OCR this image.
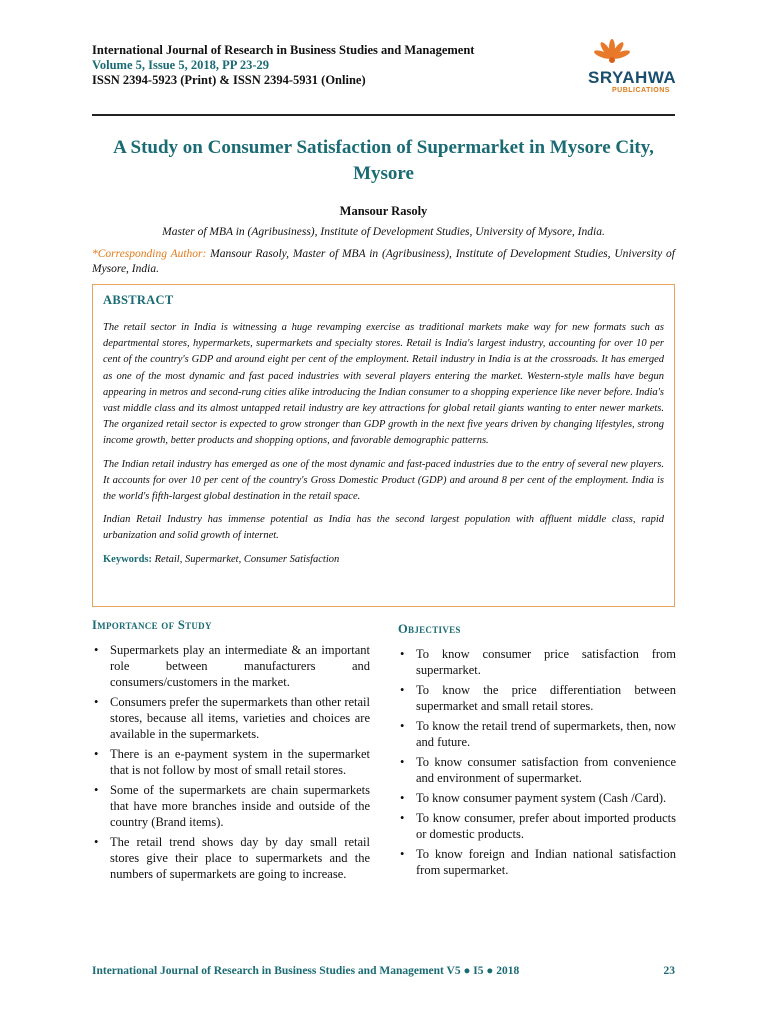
International Journal of Research in Business Studies and Management
Volume 5, Issue 5, 2018, PP 23-29
ISSN 2394-5923 (Print) & ISSN 2394-5931 (Online)	SRYAHWA
PUBLICATIONS
A Study on Consumer Satisfaction of Supermarket in Mysore City, Mysore
Mansour Rasoly
Master of MBA in (Agribusiness), Institute of Development Studies, University of Mysore, India.
*Corresponding Author: Mansour Rasoly, Master of MBA in (Agribusiness), Institute of Development Studies, University of Mysore, India.
ABSTRACT

The retail sector in India is witnessing a huge revamping exercise as traditional markets make way for new formats such as departmental stores, hypermarkets, supermarkets and specialty stores. Retail is India's largest industry, accounting for over 10 per cent of the country's GDP and around eight per cent of the employment. Retail industry in India is at the crossroads. It has emerged as one of the most dynamic and fast paced industries with several players entering the market. Western-style malls have begun appearing in metros and second-rung cities alike introducing the Indian consumer to a shopping experience like never before. India's vast middle class and its almost untapped retail industry are key attractions for global retail giants wanting to enter newer markets. The organized retail sector is expected to grow stronger than GDP growth in the next five years driven by changing lifestyles, strong income growth, better products and shopping options, and favorable demographic patterns.

The Indian retail industry has emerged as one of the most dynamic and fast-paced industries due to the entry of several new players. It accounts for over 10 per cent of the country's Gross Domestic Product (GDP) and around 8 per cent of the employment. India is the world's fifth-largest global destination in the retail space.

Indian Retail Industry has immense potential as India has the second largest population with affluent middle class, rapid urbanization and solid growth of internet.

Keywords: Retail, Supermarket, Consumer Satisfaction
Importance of Study
• Supermarkets play an intermediate & an important role between manufacturers and consumers/customers in the market.
• Consumers prefer the supermarkets than other retail stores, because all items, varieties and choices are available in the supermarkets.
• There is an e-payment system in the supermarket that is not follow by most of small retail stores.
• Some of the supermarkets are chain supermarkets that have more branches inside and outside of the country (Brand items).
• The retail trend shows day by day small retail stores give their place to supermarkets and the numbers of supermarkets are going to increase.
Objectives
• To know consumer price satisfaction from supermarket.
• To know the price differentiation between supermarket and small retail stores.
• To know the retail trend of supermarkets, then, now and future.
• To know consumer satisfaction from convenience and environment of supermarket.
• To know consumer payment system (Cash /Card).
• To know consumer, prefer about imported products or domestic products.
• To know foreign and Indian national satisfaction from supermarket.
International Journal of Research in Business Studies and Management V5 ● I5 ● 2018	23
